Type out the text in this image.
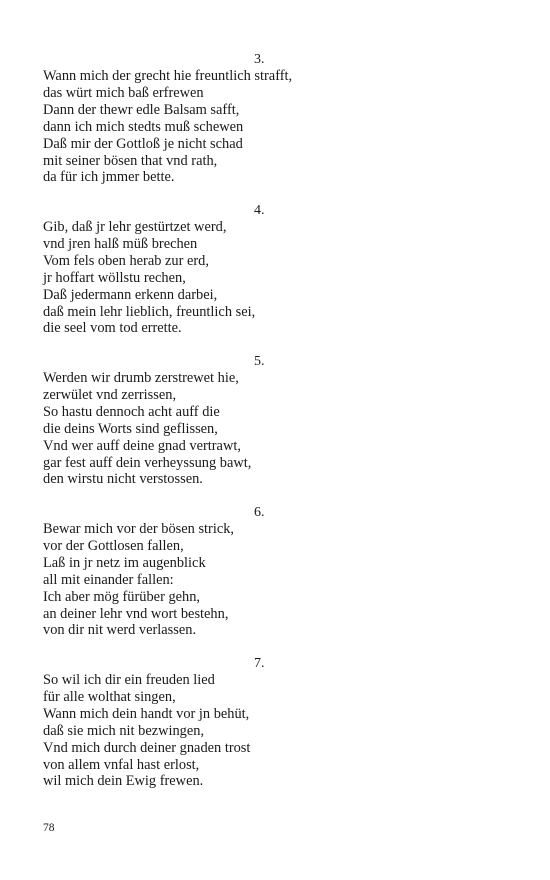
3.
Wann mich der grecht hie freuntlich strafft,
das würt mich baß erfrewen
Dann der thewr edle Balsam safft,
dann ich mich stedts muß schewen
Daß mir der Gottloß je nicht schad
mit seiner bösen that vnd rath,
da für ich jmmer bette.
4.
Gib, daß jr lehr gestürtzet werd,
vnd jren halß müß brechen
Vom fels oben herab zur erd,
jr hoffart wöllstu rechen,
Daß jedermann erkenn darbei,
daß mein lehr lieblich, freuntlich sei,
die seel vom tod errette.
5.
Werden wir drumb zerstrewet hie,
zerwület vnd zerrissen,
So hastu dennoch acht auff die
die deins Worts sind geflissen,
Vnd wer auff deine gnad vertrawt,
gar fest auff dein verheyssung bawt,
den wirstu nicht verstossen.
6.
Bewar mich vor der bösen strick,
vor der Gottlosen fallen,
Laß in jr netz im augenblick
all mit einander fallen:
Ich aber mög fürüber gehn,
an deiner lehr vnd wort bestehn,
von dir nit werd verlassen.
7.
So wil ich dir ein freuden lied
für alle wolthat singen,
Wann mich dein handt vor jn behüt,
daß sie mich nit bezwingen,
Vnd mich durch deiner gnaden trost
von allem vnfal hast erlost,
wil mich dein Ewig frewen.
78
